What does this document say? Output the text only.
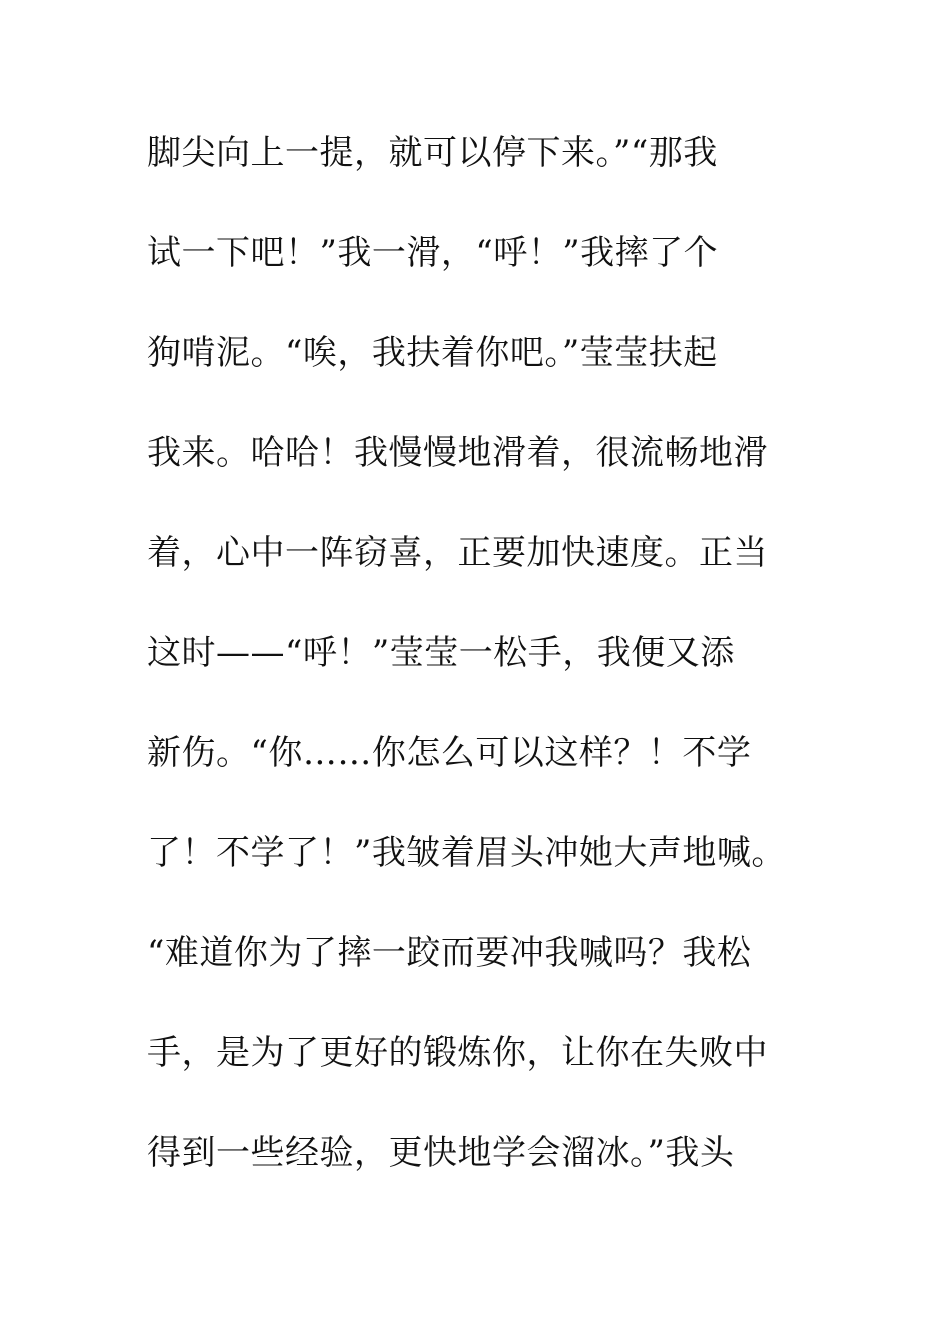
脚尖向上一提，就可以停下来。”“那我
试一下吧！”我一滑，“呼！”我摔了个
狗啃泥。“唉，我扶着你吧。”莹莹扶起
我来。哈哈！我慢慢地滑着，很流畅地滑
着，心中一阵窃喜，正要加快速度。正当
这时——“呼！”莹莹一松手，我便又添
新伤。“你……你怎么可以这样？！不学
了！不学了！”我皱着眉头冲她大声地喊。
“难道你为了摔一跤而要冲我喊吗？我松
手，是为了更好的锻炼你，让你在失败中
得到一些经验，更快地学会溜冰。”我头
